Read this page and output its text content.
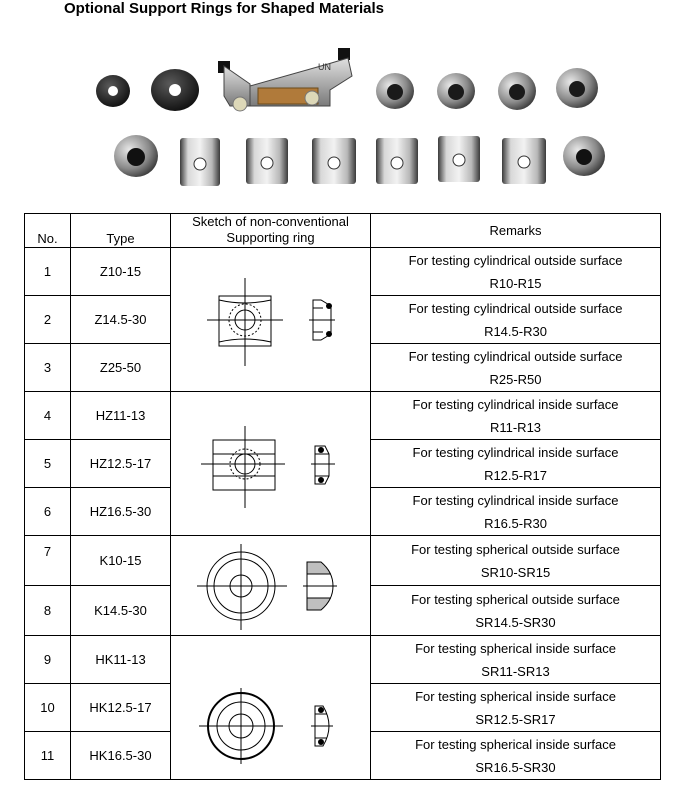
Optional Support Rings for Shaped Materials
UN
No.	Type	Sketch of non-conventional Supporting ring	Remarks
1	Z10-15		For testing cylindrical outside surface
R10-R15

2	Z14.5-30		For testing cylindrical outside surface
R14.5-R30

3	Z25-50		For testing cylindrical outside surface
R25-R50

4	HZ11-13		For testing cylindrical inside surface
R11-R13

5	HZ12.5-17		For testing cylindrical inside surface
R12.5-R17

6	HZ16.5-30		For testing cylindrical inside surface
R16.5-R30

7	K10-15		For testing spherical outside surface
SR10-SR15

8	K14.5-30		For testing spherical outside surface
SR14.5-SR30

9	HK11-13		For testing spherical inside surface
SR11-SR13

10	HK12.5-17		For testing spherical inside surface
SR12.5-SR17

11	HK16.5-30		For testing spherical inside surface
SR16.5-SR30
